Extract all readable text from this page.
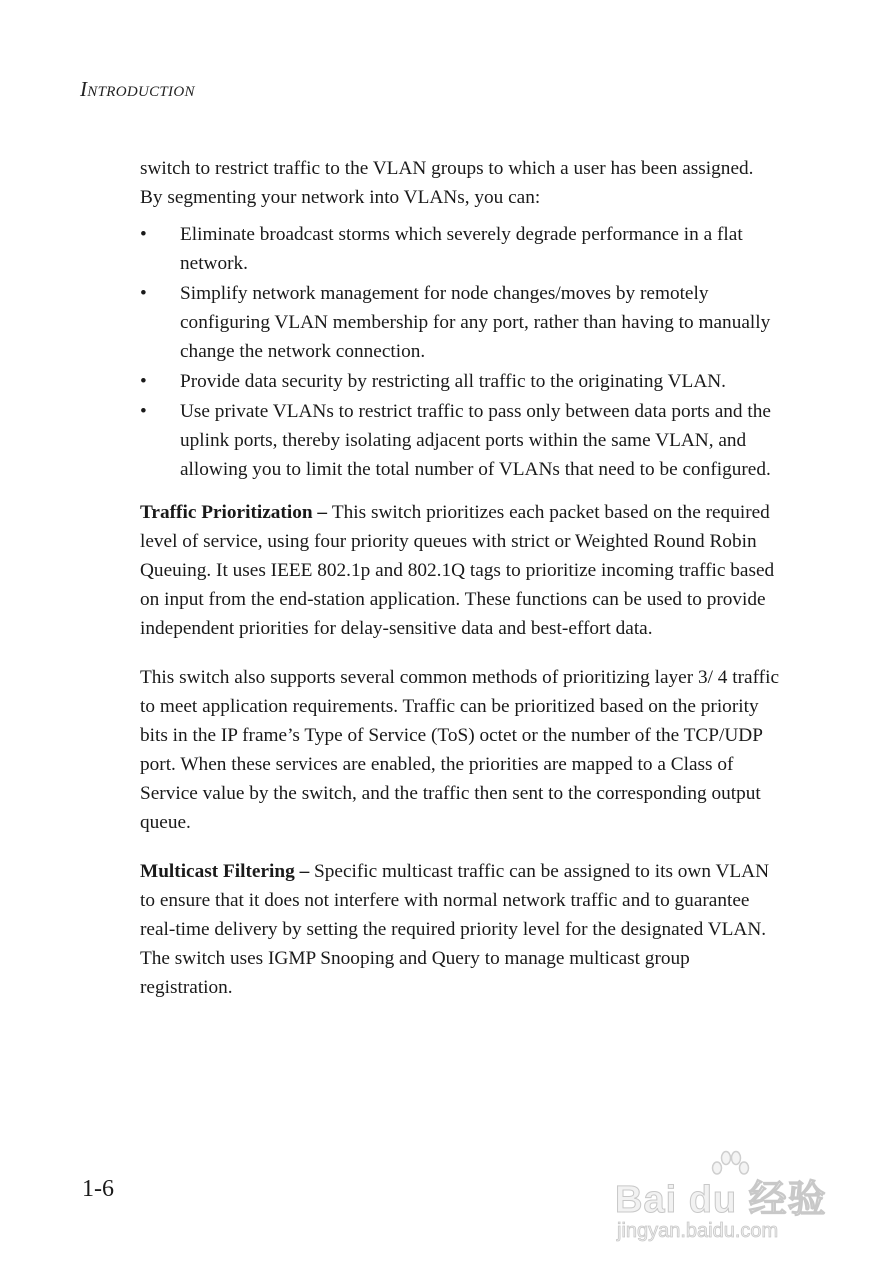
Introduction

switch to restrict traffic to the VLAN groups to which a user has been assigned. By segmenting your network into VLANs, you can:

•	Eliminate broadcast storms which severely degrade performance in a flat network.
•	Simplify network management for node changes/moves by remotely configuring VLAN membership for any port, rather than having to manually change the network connection.
•	Provide data security by restricting all traffic to the originating VLAN.
•	Use private VLANs to restrict traffic to pass only between data ports and the uplink ports, thereby isolating adjacent ports within the same VLAN, and allowing you to limit the total number of VLANs that need to be configured.

Traffic Prioritization – This switch prioritizes each packet based on the required level of service, using four priority queues with strict or Weighted Round Robin Queuing. It uses IEEE 802.1p and 802.1Q tags to prioritize incoming traffic based on input from the end-station application. These functions can be used to provide independent priorities for delay-sensitive data and best-effort data.

This switch also supports several common methods of prioritizing layer 3/ 4 traffic to meet application requirements. Traffic can be prioritized based on the priority bits in the IP frame’s Type of Service (ToS) octet or the number of the TCP/UDP port. When these services are enabled, the priorities are mapped to a Class of Service value by the switch, and the traffic then sent to the corresponding output queue.

Multicast Filtering – Specific multicast traffic can be assigned to its own VLAN to ensure that it does not interfere with normal network traffic and to guarantee real-time delivery by setting the required priority level for the designated VLAN. The switch uses IGMP Snooping and Query to manage multicast group registration.

1-6	Bai du 经验
jingyan.baidu.com
